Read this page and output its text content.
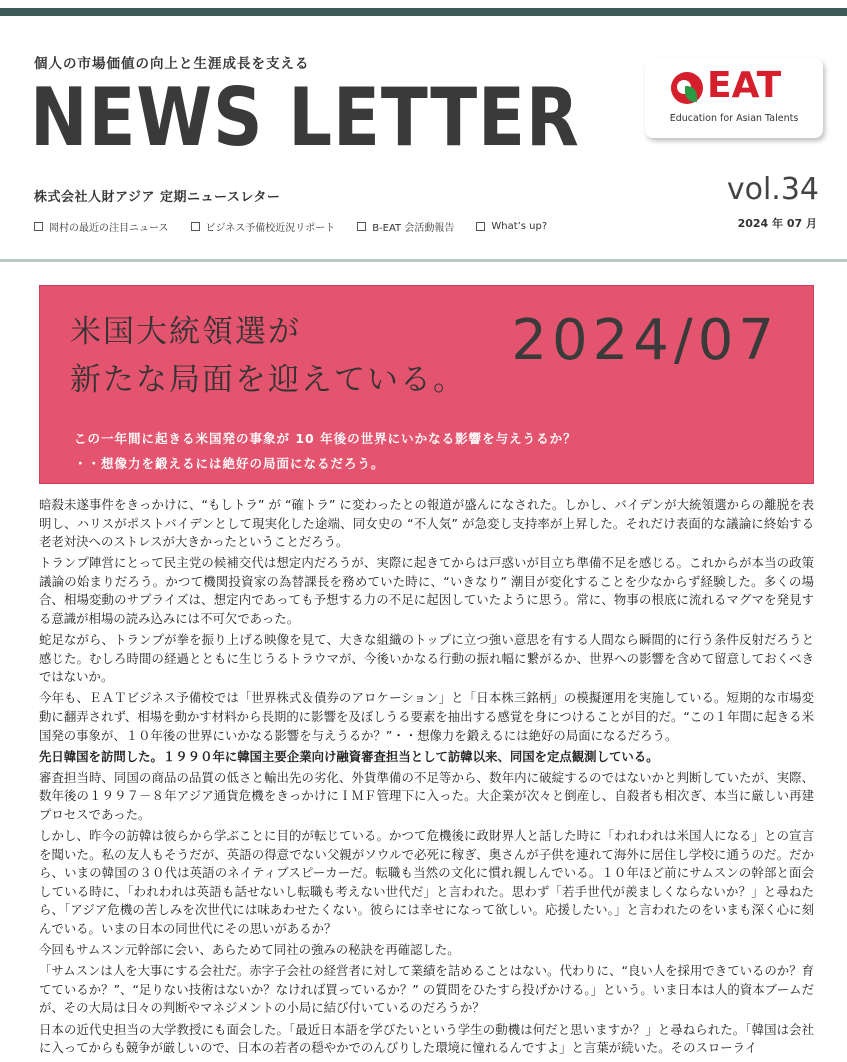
個人の市場価値の向上と生涯成長を支える
NEWS LETTER
株式会社人財アジア 定期ニュースレター
岡村の最近の注目ニュース	ビジネス予備校近況リポート	B-EAT 会活動報告	What’s up?
EAT
Education for Asian Talents
vol.34
2024 年 07 月
米国大統領選が
新たな局面を迎えている。
2024/07
この一年間に起きる米国発の事象が 10 年後の世界にいかなる影響を与えうるか？
・・想像力を鍛えるには絶好の局面になるだろう。

暗殺未遂事件をきっかけに、“もしトラ” が “確トラ” に変わったとの報道が盛んになされた。しかし、バイデンが大統領選からの離脱を表明し、ハリスがポストバイデンとして現実化した途端、同女史の “不人気” が急変し支持率が上昇した。それだけ表面的な議論に終始する老老対決へのストレスが大きかったということだろう。

トランプ陣営にとって民主党の候補交代は想定内だろうが、実際に起きてからは戸惑いが目立ち準備不足を感じる。これからが本当の政策議論の始まりだろう。かつて機関投資家の為替課長を務めていた時に、“いきなり” 潮目が変化することを少なからず経験した。多くの場合、相場変動のサプライズは、想定内であっても予想する力の不足に起因していたように思う。常に、物事の根底に流れるマグマを発見する意識が相場の読み込みには不可欠であった。

蛇足ながら、トランプが拳を振り上げる映像を見て、大きな組織のトップに立つ強い意思を有する人間なら瞬間的に行う条件反射だろうと感じた。むしろ時間の経過とともに生じうるトラウマが、今後いかなる行動の振れ幅に繋がるか、世界への影響を含めて留意しておくべきではないか。

今年も、ＥＡＴビジネス予備校では「世界株式＆債券のアロケーション」と「日本株三銘柄」の模擬運用を実施している。短期的な市場変動に翻弄されず、相場を動かす材料から長期的に影響を及ぼしうる要素を抽出する感覚を身につけることが目的だ。“この１年間に起きる米国発の事象が、１０年後の世界にいかなる影響を与えうるか？”・・想像力を鍛えるには絶好の局面になるだろう。

先日韓国を訪問した。１９９０年に韓国主要企業向け融資審査担当として訪韓以来、同国を定点観測している。

審査担当時、同国の商品の品質の低さと輸出先の劣化、外貨準備の不足等から、数年内に破綻するのではないかと判断していたが、実際、数年後の１９９７－８年アジア通貨危機をきっかけにＩＭＦ管理下に入った。大企業が次々と倒産し、自殺者も相次ぎ、本当に厳しい再建プロセスであった。

しかし、昨今の訪韓は彼らから学ぶことに目的が転じている。かつて危機後に政財界人と話した時に「われわれは米国人になる」との宣言を聞いた。私の友人もそうだが、英語の得意でない父親がソウルで必死に稼ぎ、奥さんが子供を連れて海外に居住し学校に通うのだ。だから、いまの韓国の３０代は英語のネイティブスピーカーだ。転職も当然の文化に慣れ親しんでいる。１０年ほど前にサムスンの幹部と面会している時に、「われわれは英語も話せないし転職も考えない世代だ」と言われた。思わず「若手世代が羨ましくならないか？」と尋ねたら、「アジア危機の苦しみを次世代には味あわせたくない。彼らには幸せになって欲しい。応援したい。」と言われたのをいまも深く心に刻んでいる。いまの日本の同世代にその思いがあるか？

今回もサムスン元幹部に会い、あらためて同社の強みの秘訣を再確認した。

「サムスンは人を大事にする会社だ。赤字子会社の経営者に対して業績を詰めることはない。代わりに、“良い人を採用できているのか？育てているか？”、“足りない技術はないか？なければ買っているか？” の質問をひたすら投げかける。」という。いま日本は人的資本ブームだが、その大局は日々の判断やマネジメントの小局に結び付いているのだろうか？

日本の近代史担当の大学教授にも面会した。「最近日本語を学びたいという学生の動機は何だと思いますか？」と尋ねられた。「韓国は会社に入ってからも競争が厳しいので、日本の若者の穏やかでのんびりした環境に憧れるんですよ」と言葉が続いた。そのスローライ
